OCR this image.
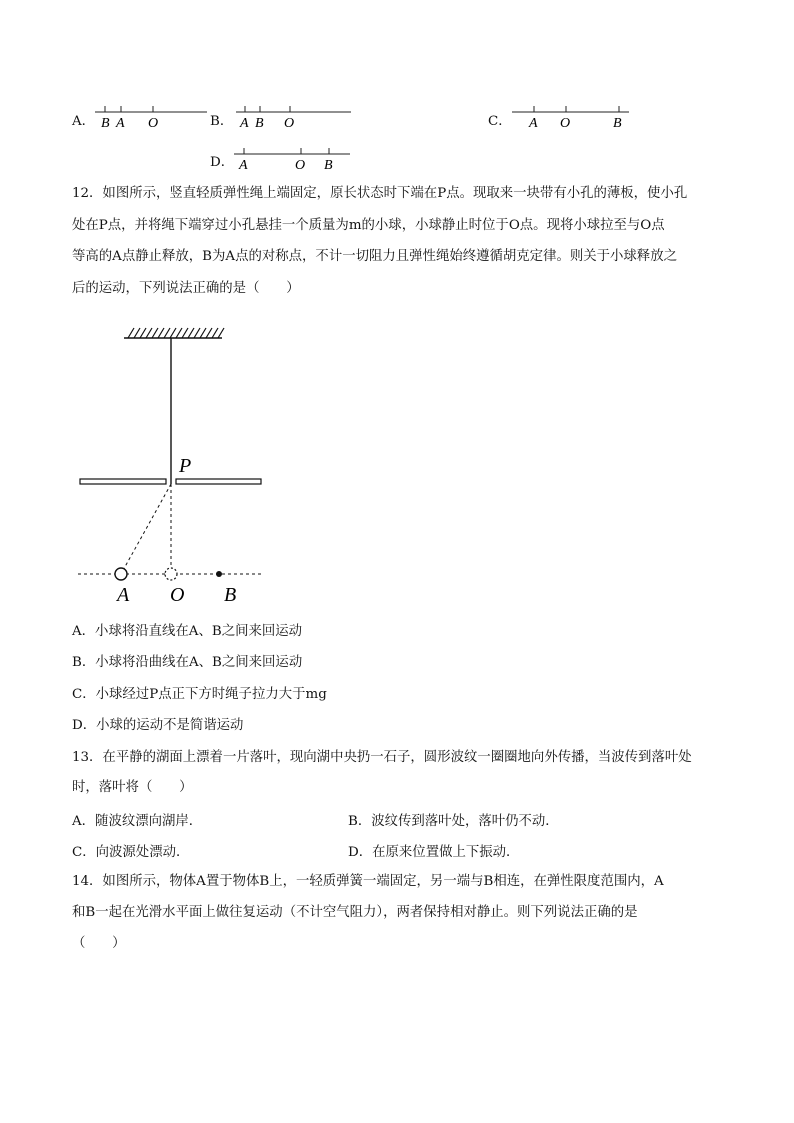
A． B A O	B． A B O	C． A O	B
D． A	O B
12．如图所示，竖直轻质弹性绳上端固定，原长状态时下端在P点。现取来一块带有小孔的薄板，使小孔
处在P点，并将绳下端穿过小孔悬挂一个质量为m的小球，小球静止时位于O点。现将小球拉至与O点
等高的A点静止释放，B为A点的对称点，不计一切阻力且弹性绳始终遵循胡克定律。则关于小球释放之
后的运动，下列说法正确的是（　　）
P
A O B
A．小球将沿直线在A、B之间来回运动
B．小球将沿曲线在A、B之间来回运动
C．小球经过P点正下方时绳子拉力大于mg
D．小球的运动不是简谐运动
13．在平静的湖面上漂着一片落叶，现向湖中央扔一石子，圆形波纹一圈圈地向外传播，当波传到落叶处
时，落叶将（　　）
A．随波纹漂向湖岸．	B．波纹传到落叶处，落叶仍不动．
C．向波源处漂动．	D．在原来位置做上下振动．
14．如图所示，物体A置于物体B上，一轻质弹簧一端固定，另一端与B相连，在弹性限度范围内，A
和B一起在光滑水平面上做往复运动（不计空气阻力），两者保持相对静止。则下列说法正确的是
（　　）
